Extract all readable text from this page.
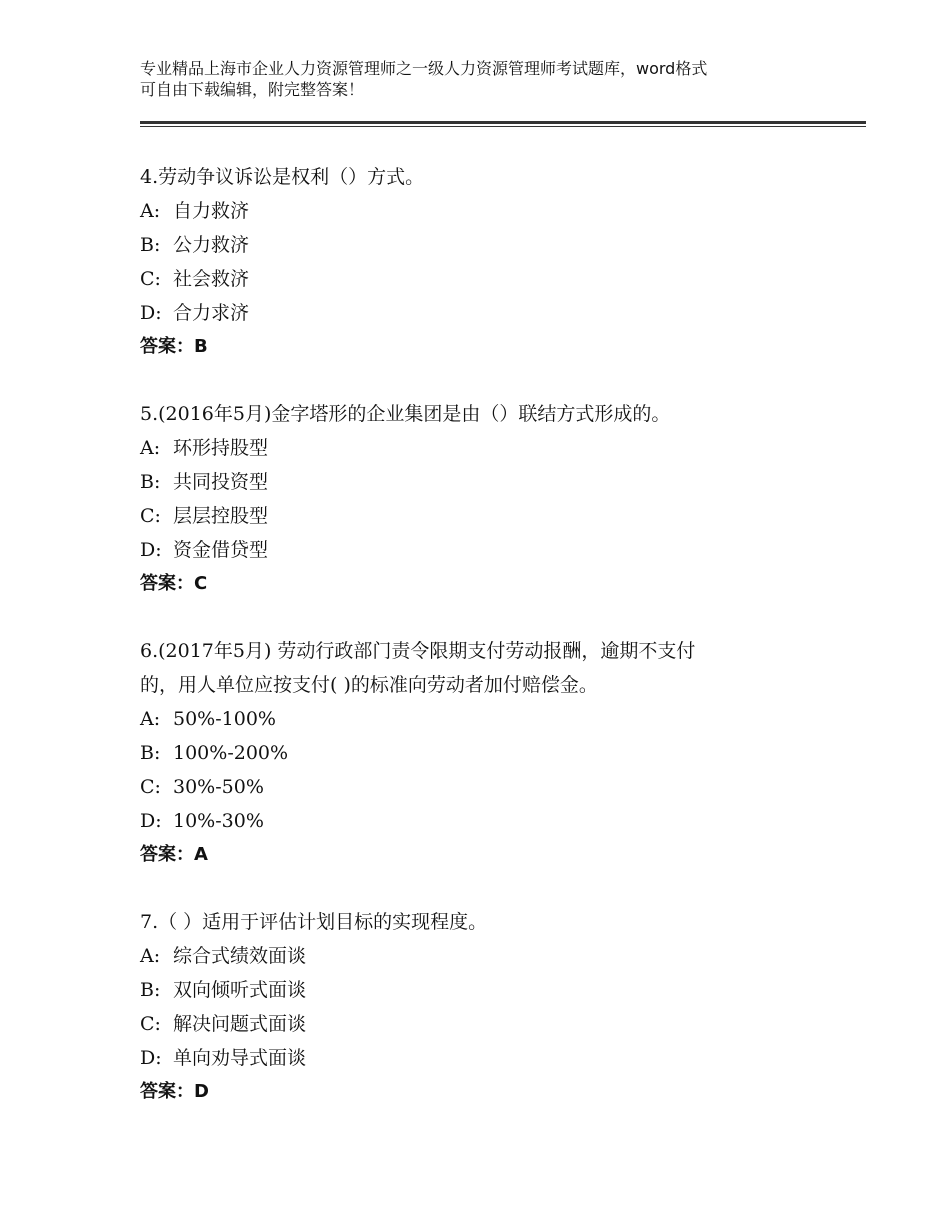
专业精品上海市企业人力资源管理师之一级人力资源管理师考试题库，word格式
可自由下载编辑，附完整答案！
4.劳动争议诉讼是权利（）方式。
A: 自力救济
B: 公力救济
C: 社会救济
D: 合力求济
答案：B
5.(2016年5月)金字塔形的企业集团是由（）联结方式形成的。
A: 环形持股型
B: 共同投资型
C: 层层控股型
D: 资金借贷型
答案：C
6.(2017年5月) 劳动行政部门责令限期支付劳动报酬，逾期不支付
的，用人单位应按支付( )的标准向劳动者加付赔偿金。
A: 50%-100%
B: 100%-200%
C: 30%-50%
D: 10%-30%
答案：A
7.（ ）适用于评估计划目标的实现程度。
A: 综合式绩效面谈
B: 双向倾听式面谈
C: 解决问题式面谈
D: 单向劝导式面谈
答案：D
